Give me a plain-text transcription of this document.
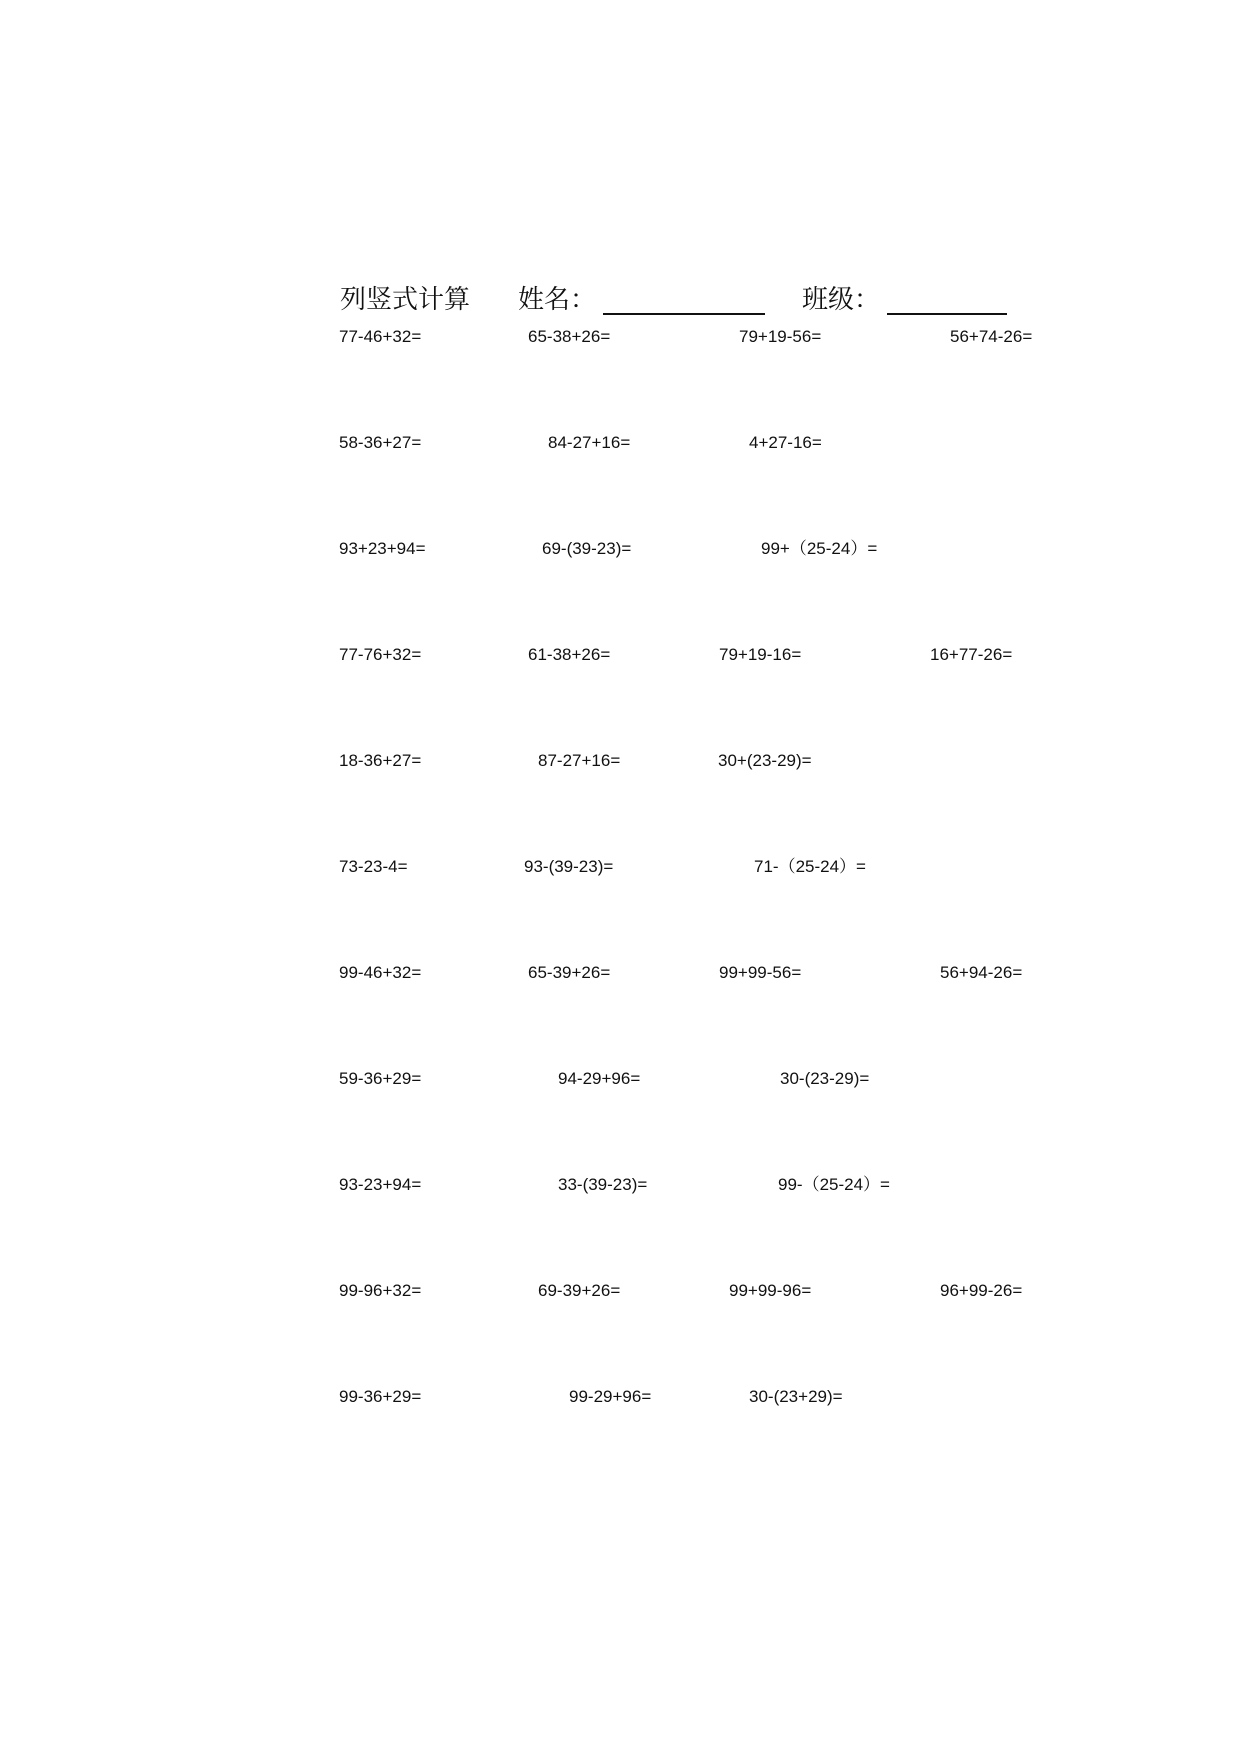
列竖式计算 姓名：	班级：
77-46+32=	65-38+26=	79+19-56=	56+74-26=
58-36+27=	84-27+16=	4+27-16=
93+23+94=	69-(39-23)=	99+（25-24）=
77-76+32=	61-38+26=	79+19-16=	16+77-26=
18-36+27=	87-27+16=	30+(23-29)=
73-23-4=	93-(39-23)=	71-（25-24）=
99-46+32=	65-39+26=	99+99-56=	56+94-26=
59-36+29=	94-29+96=	30-(23-29)=
93-23+94=	33-(39-23)=	99-（25-24）=
99-96+32=	69-39+26=	99+99-96=	96+99-26=
99-36+29=	99-29+96=	30-(23+29)=
